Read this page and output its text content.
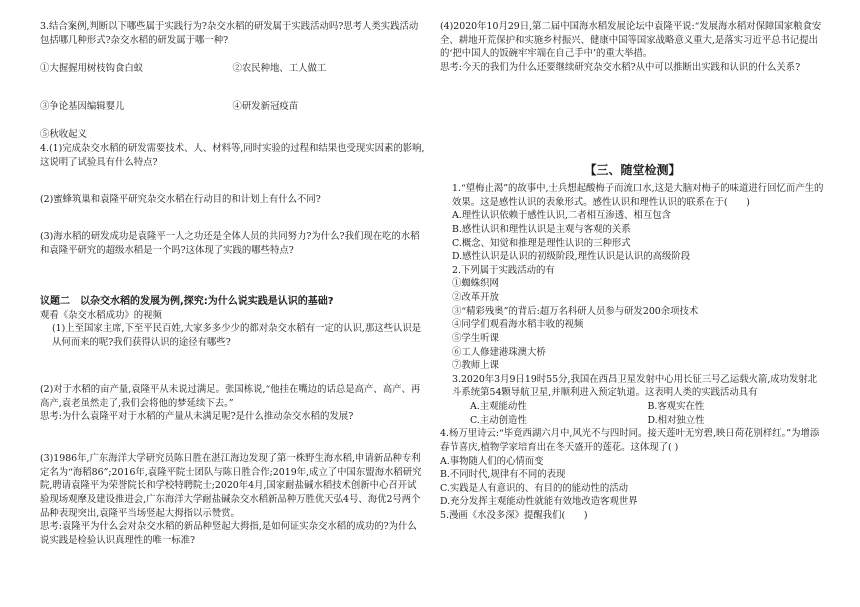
3.结合案例,判断以下哪些属于实践行为?杂交水稻的研发属于实践活动吗?思考人类实践活动包括哪几种形式?杂交水稻的研发属于哪一种?

①大握握用树枝钩食白蚁	②农民种地、工人做工
③争论基因编辑婴儿	④研发新冠疫苗
⑤秋收起义

4.(1)完成杂交水稻的研发需要技术、人、材料等,同时实验的过程和结果也受现实因素的影响,这说明了试验具有什么特点?

(2)蜜蜂筑巢和袁隆平研究杂交水稻在行动目的和计划上有什么不同?

(3)海水稻的研发成功是袁隆平一人之功还是全体人员的共同努力?为什么?我们现在吃的水稻和袁隆平研究的超级水稻是一个吗?这体现了实践的哪些特点?

议题二　以杂交水稻的发展为例,探究:为什么说实践是认识的基础?

观看《杂交水稻成功》的视频

(1)上至国家主席,下至平民百姓,大家多多少少的都对杂交水稻有一定的认识,那这些认识是从何而来的呢?我们获得认识的途径有哪些?

(2)对于水稻的亩产量,袁隆平从未说过满足。张国栋说,“他挂在嘴边的话总是高产、高产、再高产,袁老虽然走了,我们会将他的梦延续下去。”

思考:为什么袁隆平对于水稻的产量从未满足呢?是什么推动杂交水稻的发展?

(3)1986年,广东海洋大学研究员陈日胜在湛江海边发现了第一株野生海水稻,申请新品种专利定名为“海稻86”;2016年,袁隆平院士团队与陈日胜合作;2019年,成立了中国东盟海水稻研究院,聘请袁隆平为荣誉院长和学校特聘院士;2020年4月,国家耐盐碱水稻技术创新中心召开试验现场观摩及建设推进会,广东海洋大学耐盐碱杂交水稻新品种万胜优天弘4号、海优2号两个品种表现突出,袁隆平当场竖起大拇指以示赞赏。

思考:袁隆平为什么会对杂交水稻的新品种竖起大拇指,是如何证实杂交水稻的成功的?为什么说实践是检验认识真理性的唯一标准?

(4)2020年10月29日,第二届中国海水稻发展论坛中袁隆平说:“发展海水稻对保障国家粮食安全、耕地开荒保护和实施乡村振兴、健康中国等国家战略意义重大,是落实习近平总书记提出的‘把中国人的饭碗牢牢端在自己手中’的重大举措。

思考:今天的我们为什么还要继续研究杂交水稻?从中可以推断出实践和认识的什么关系?

【三、随堂检测】

1.“望梅止渴”的故事中,士兵想起酸梅子而流口水,这是大脑对梅子的味道进行回忆而产生的效果。这是感性认识的表象形式。感性认识和理性认识的联系在于(　　)

A.理性认识依赖于感性认识,二者相互渗透、相互包含

B.感性认识和理性认识是主观与客观的关系

C.概念、知觉和推理是理性认识的三种形式

D.感性认识是认识的初级阶段,理性认识是认识的高级阶段

2.下列属于实践活动的有

①蜘蛛织网

②改革开放

③“精彩残奥”的背后:超万名科研人员参与研发200余项技术

④同学们观看海水稻丰收的视频

⑤学生听课

⑥工人修建港珠澳大桥

⑦教师上课

3.2020年3月9日19时55分,我国在西昌卫星发射中心用长征三号乙运载火箭,成功发射北斗系统第54颗导航卫星,并顺利进入预定轨道。这表明人类的实践活动具有

A.主观能动性	B.客观实在性
C.主动创造性	D.相对独立性

4.杨万里诗云:“毕竟西湖六月中,风光不与四时同。接天莲叶无穷碧,映日荷花别样红。”为增添春节喜庆,植物学家培育出在冬天盛开的莲花。这体现了( )

A.事物随人们的心情而变

B.不同时代,规律有不同的表现

C.实践是人有意识的、有目的的能动性的活动

D.充分发挥主观能动性就能有效地改造客观世界

5.漫画《水没多深》提醒我们(　　)
